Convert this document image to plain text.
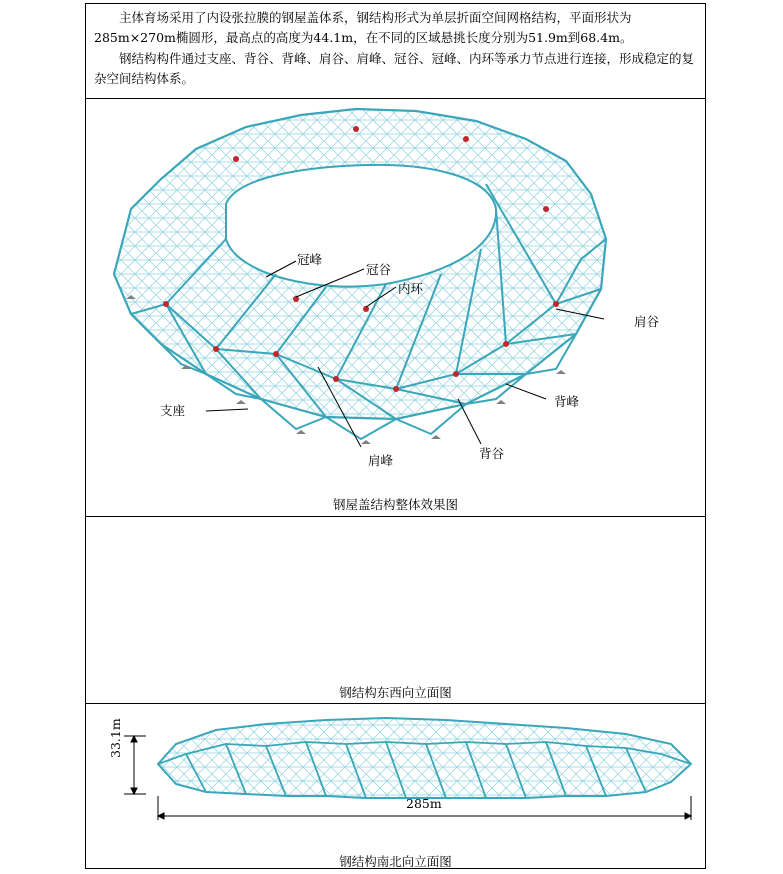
主体育场采用了内设张拉膜的钢屋盖体系，钢结构形式为单层折面空间网格结构，平面形状为285m×270m椭圆形，最高点的高度为44.1m，在不同的区域悬挑长度分别为51.9m到68.4m。
钢结构构件通过支座、背谷、背峰、肩谷、肩峰、冠谷、冠峰、内环等承力节点进行连接，形成稳定的复杂空间结构体系。
冠峰
冠谷
内环
肩谷
支座
背峰
肩峰	背谷
钢屋盖结构整体效果图
钢结构东西向立面图
33.1m
285m
钢结构南北向立面图
